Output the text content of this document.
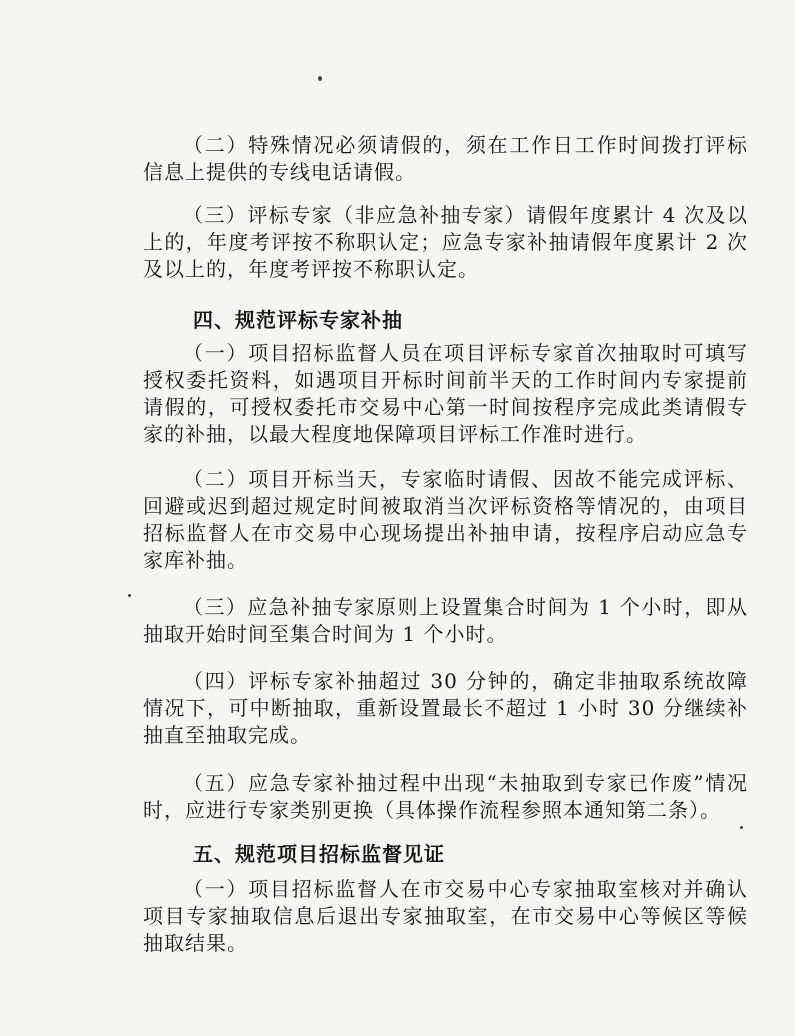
（二）特殊情况必须请假的，须在工作日工作时间拨打评标信息上提供的专线电话请假。

（三）评标专家（非应急补抽专家）请假年度累计 4 次及以上的，年度考评按不称职认定；应急专家补抽请假年度累计 2 次及以上的，年度考评按不称职认定。

四、规范评标专家补抽

（一）项目招标监督人员在项目评标专家首次抽取时可填写授权委托资料，如遇项目开标时间前半天的工作时间内专家提前请假的，可授权委托市交易中心第一时间按程序完成此类请假专家的补抽，以最大程度地保障项目评标工作准时进行。

（二）项目开标当天，专家临时请假、因故不能完成评标、回避或迟到超过规定时间被取消当次评标资格等情况的，由项目招标监督人在市交易中心现场提出补抽申请，按程序启动应急专家库补抽。

（三）应急补抽专家原则上设置集合时间为 1 个小时，即从抽取开始时间至集合时间为 1 个小时。

（四）评标专家补抽超过 30 分钟的，确定非抽取系统故障情况下，可中断抽取，重新设置最长不超过 1 小时 30 分继续补抽直至抽取完成。

（五）应急专家补抽过程中出现“未抽取到专家已作废”情况时，应进行专家类别更换（具体操作流程参照本通知第二条）。

五、规范项目招标监督见证

（一）项目招标监督人在市交易中心专家抽取室核对并确认项目专家抽取信息后退出专家抽取室，在市交易中心等候区等候抽取结果。
